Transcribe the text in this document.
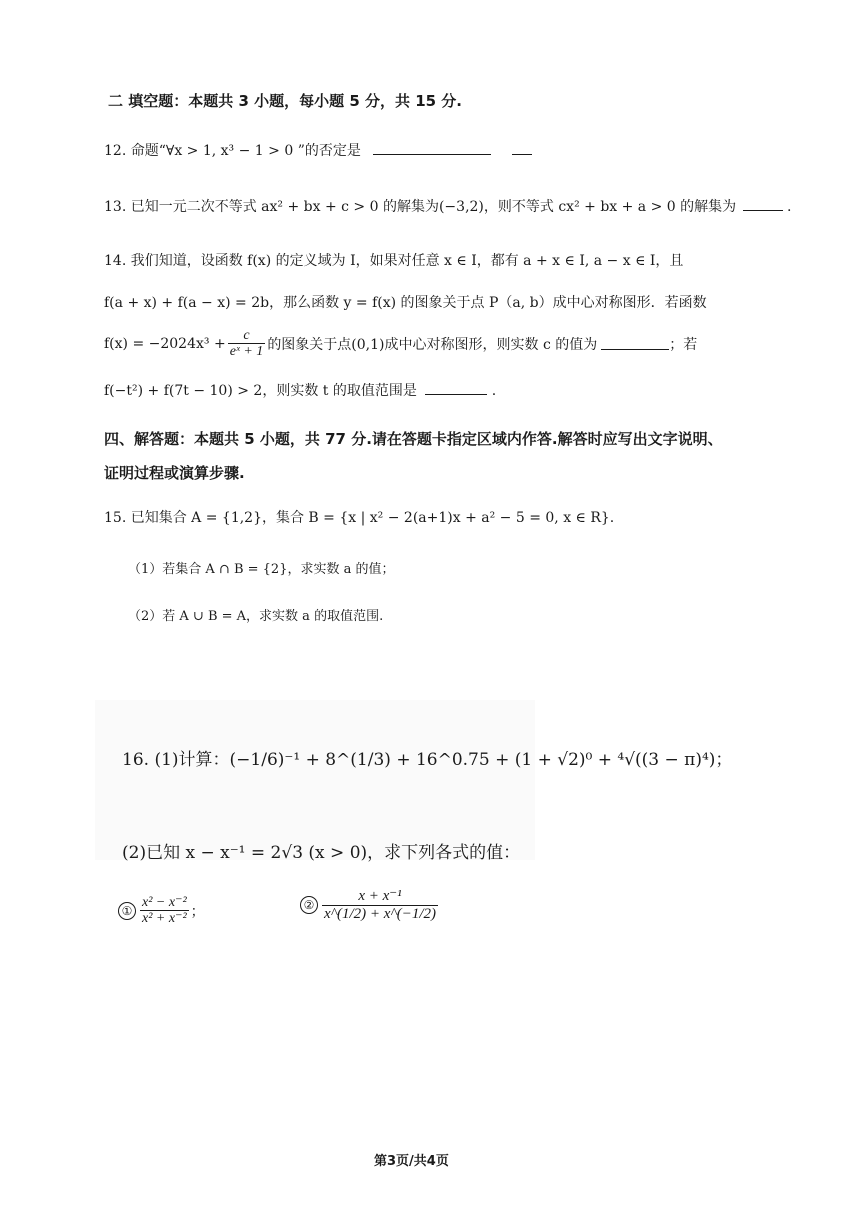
二 填空题：本题共 3 小题，每小题 5 分，共 15 分.
12. 命题“∀x > 1, x³ − 1 > 0 ”的否定是
13. 已知一元二次不等式 ax² + bx + c > 0 的解集为(−3,2)，则不等式 cx² + bx + a > 0 的解集为	.
14. 我们知道，设函数 f(x) 的定义域为 I，如果对任意 x ∈ I，都有 a + x ∈ I, a − x ∈ I，且
f(a + x) + f(a − x) = 2b，那么函数 y = f(x) 的图象关于点 P（a, b）成中心对称图形．若函数
$f(x) = -2024x^3 + \frac{c}{\text{eˣ + 1}}$ 的图象关于点(0,1)成中心对称图形，则实数 c 的值为	；若
f(−t²) + f(7t − 10) > 2，则实数 t 的取值范围是	.
四、解答题：本题共 5 小题，共 77 分.请在答题卡指定区域内作答.解答时应写出文字说明、
证明过程或演算步骤.
15. 已知集合 A = {1,2}，集合 B = {x | x² − 2(a+1)x + a² − 5 = 0, x ∈ R}.
（1）若集合 A ∩ B = {2}，求实数 a 的值；
（2）若 A ∪ B = A，求实数 a 的取值范围.
16. (1)计算：(−1/6)⁻¹ + 8^(1/3) + 16^0.75 + (1 + √2)⁰ + ⁴√((3 − π)⁴)；
(2)已知 x − x⁻¹ = 2√3 (x > 0)，求下列各式的值：
① $\frac{\text{x² − x⁻²}}{\text{x² + x⁻²}}$ ；	② $\frac{\text{x + x⁻¹}}{x\^{}(1/2) + x\^{}(-1/2)}$
第3页/共4页
